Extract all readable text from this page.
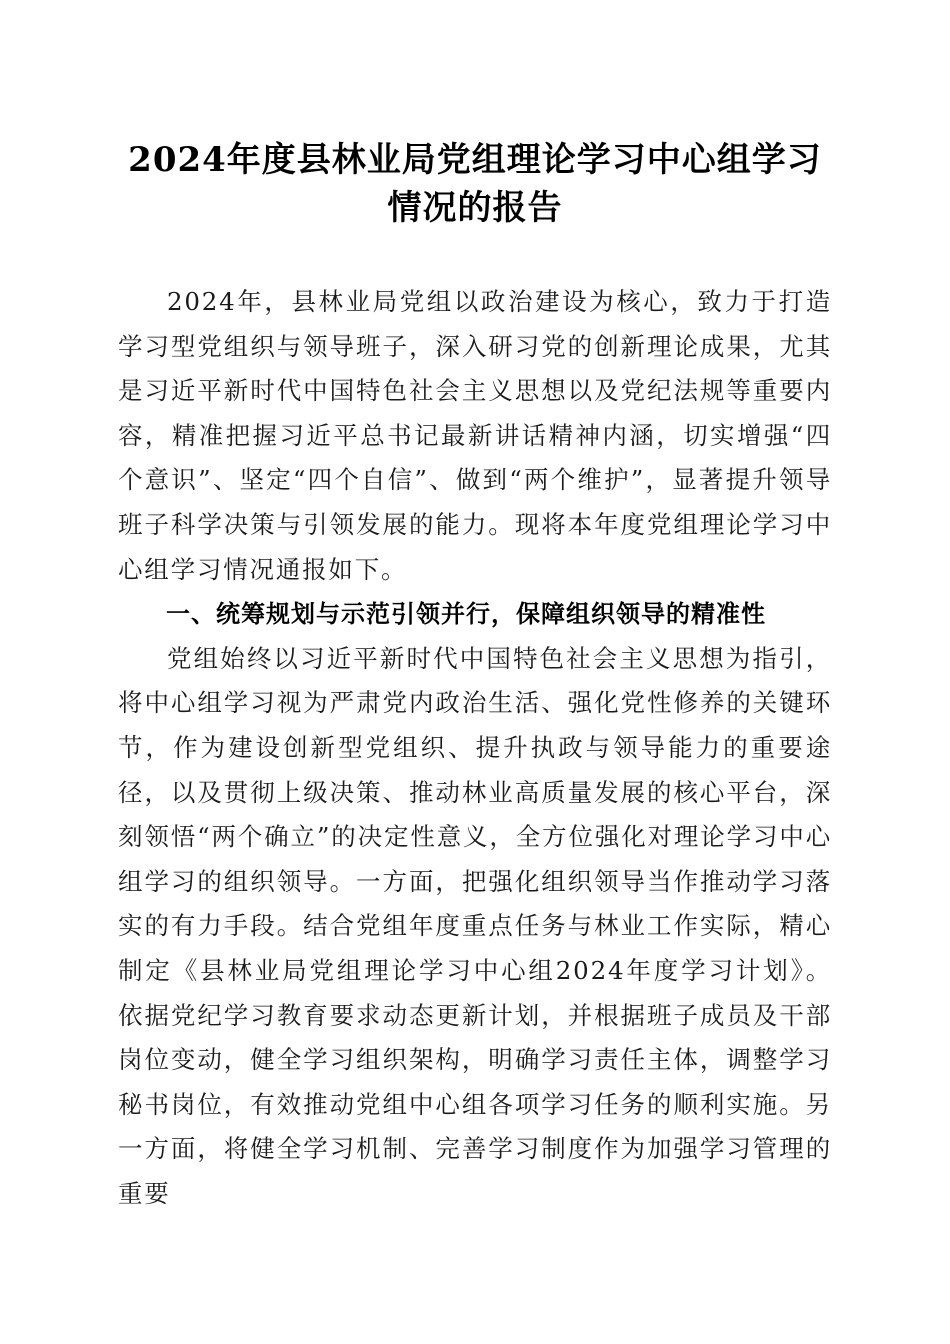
2024年度县林业局党组理论学习中心组学习
情况的报告

2024年，县林业局党组以政治建设为核心，致力于打造学习型党组织与领导班子，深入研习党的创新理论成果，尤其是习近平新时代中国特色社会主义思想以及党纪法规等重要内容，精准把握习近平总书记最新讲话精神内涵，切实增强“四个意识”、坚定“四个自信”、做到“两个维护”，显著提升领导班子科学决策与引领发展的能力。现将本年度党组理论学习中心组学习情况通报如下。

一、统筹规划与示范引领并行，保障组织领导的精准性

党组始终以习近平新时代中国特色社会主义思想为指引，将中心组学习视为严肃党内政治生活、强化党性修养的关键环节，作为建设创新型党组织、提升执政与领导能力的重要途径，以及贯彻上级决策、推动林业高质量发展的核心平台，深刻领悟“两个确立”的决定性意义，全方位强化对理论学习中心组学习的组织领导。一方面，把强化组织领导当作推动学习落实的有力手段。结合党组年度重点任务与林业工作实际，精心制定《县林业局党组理论学习中心组2024年度学习计划》。依据党纪学习教育要求动态更新计划，并根据班子成员及干部岗位变动，健全学习组织架构，明确学习责任主体，调整学习秘书岗位，有效推动党组中心组各项学习任务的顺利实施。另一方面，将健全学习机制、完善学习制度作为加强学习管理的重要
